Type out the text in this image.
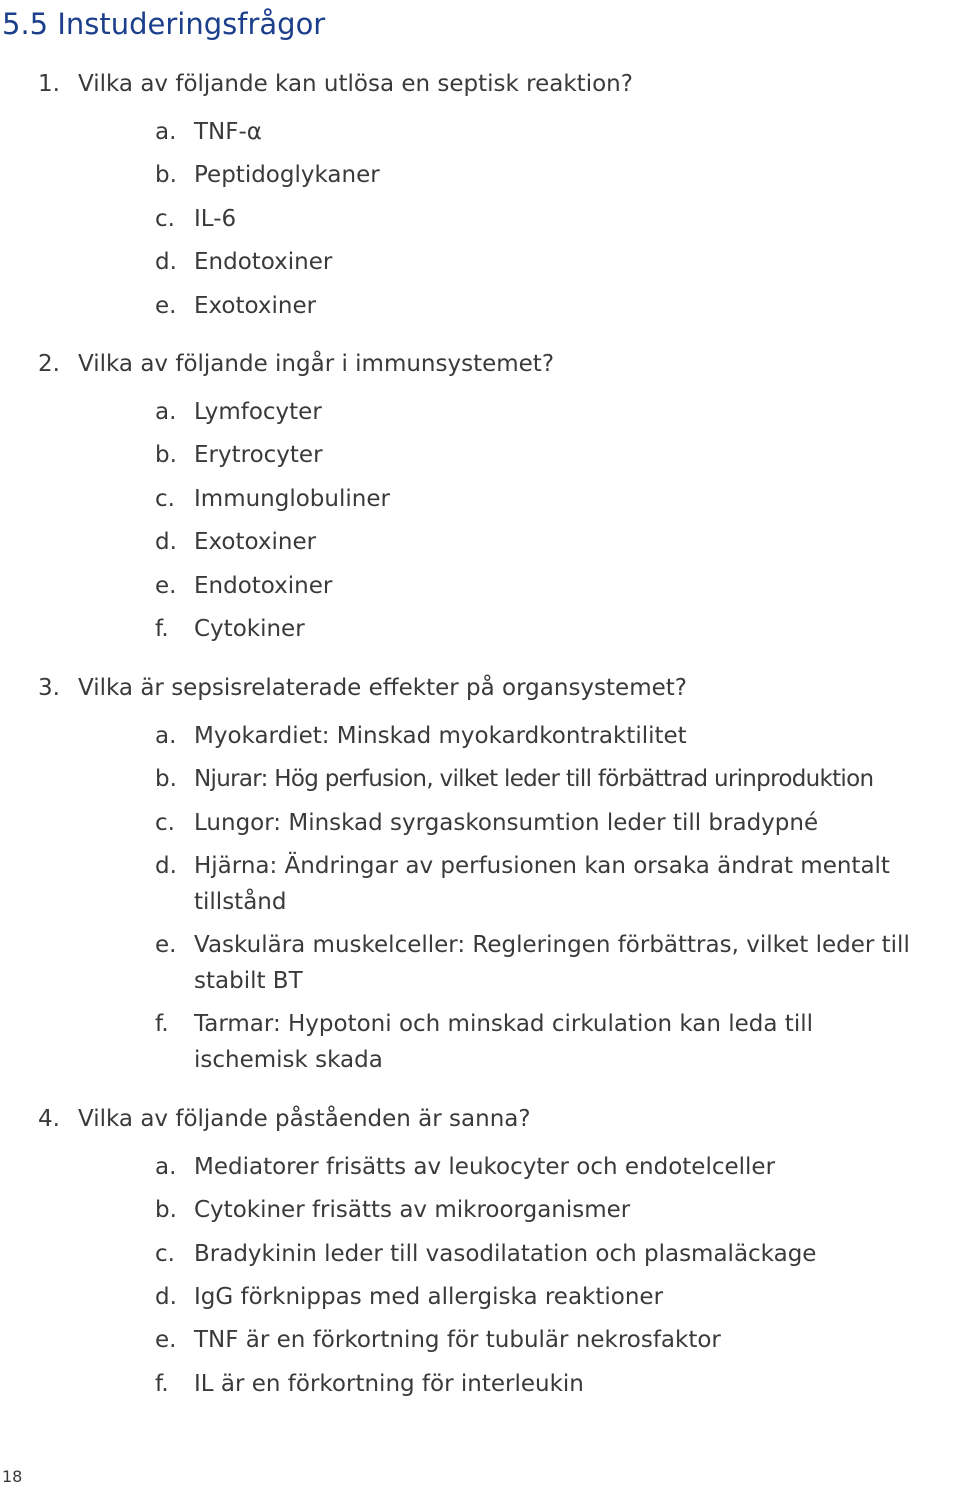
5.5 Instuderingsfrågor
1. Vilka av följande kan utlösa en septisk reaktion?
a. TNF-α
b. Peptidoglykaner
c. IL-6
d. Endotoxiner
e. Exotoxiner
2. Vilka av följande ingår i immunsystemet?
a. Lymfocyter
b. Erytrocyter
c. Immunglobuliner
d. Exotoxiner
e. Endotoxiner
f. Cytokiner
3. Vilka är sepsisrelaterade effekter på organsystemet?
a. Myokardiet: Minskad myokardkontraktilitet
b. Njurar: Hög perfusion, vilket leder till förbättrad urinproduktion
c. Lungor: Minskad syrgaskonsumtion leder till bradypné
d. Hjärna: Ändringar av perfusionen kan orsaka ändrat mentalt tillstånd
e. Vaskulära muskelceller: Regleringen förbättras, vilket leder till stabilt BT
f. Tarmar: Hypotoni och minskad cirkulation kan leda till ischemisk skada
4. Vilka av följande påståenden är sanna?
a. Mediatorer frisätts av leukocyter och endotelceller
b. Cytokiner frisätts av mikroorganismer
c. Bradykinin leder till vasodilatation och plasmaläckage
d. IgG förknippas med allergiska reaktioner
e. TNF är en förkortning för tubulär nekrosfaktor
f. IL är en förkortning för interleukin
18
